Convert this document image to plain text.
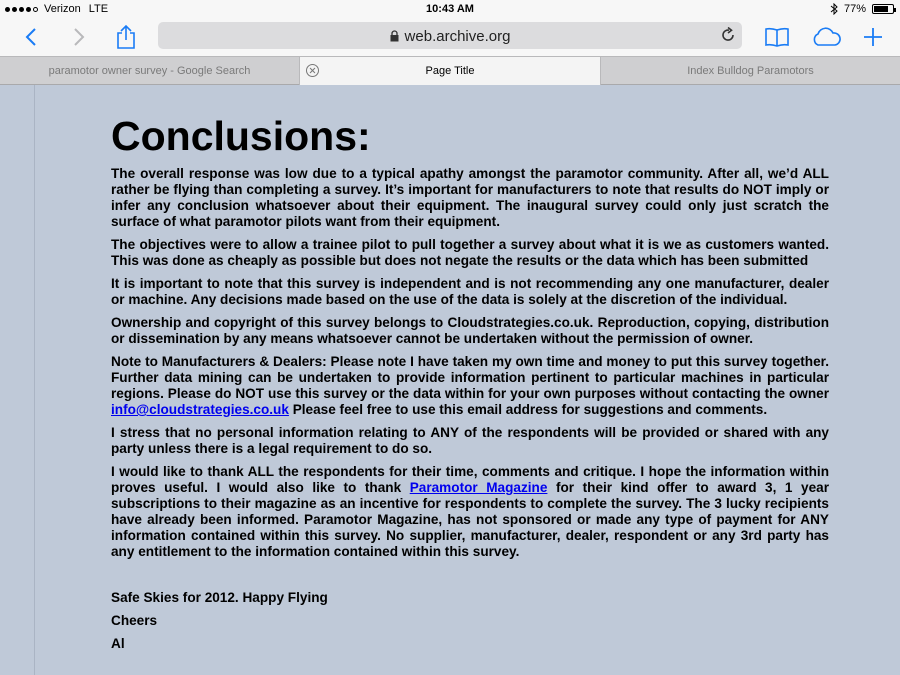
Verizon LTE	10:43 AM	77%
web.archive.org
paramotor owner survey - Google Search	Page Title	Index Bulldog Paramotors
Conclusions:

The overall response was low due to a typical apathy amongst the paramotor community. After all, we’d ALL rather be flying than completing a survey. It’s important for manufacturers to note that results do NOT imply or infer any conclusion whatsoever about their equipment. The inaugural survey could only just scratch the surface of what paramotor pilots want from their equipment.

The objectives were to allow a trainee pilot to pull together a survey about what it is we as customers wanted. This was done as cheaply as possible but does not negate the results or the data which has been submitted

It is important to note that this survey is independent and is not recommending any one manufacturer, dealer or machine. Any decisions made based on the use of the data is solely at the discretion of the individual.

Ownership and copyright of this survey belongs to Cloudstrategies.co.uk. Reproduction, copying, distribution or dissemination by any means whatsoever cannot be undertaken without the permission of owner.

Note to Manufacturers & Dealers: Please note I have taken my own time and money to put this survey together. Further data mining can be undertaken to provide information pertinent to particular machines in particular regions. Please do NOT use this survey or the data within for your own purposes without contacting the owner info@cloudstrategies.co.uk Please feel free to use this email address for suggestions and comments.

I stress that no personal information relating to ANY of the respondents will be provided or shared with any party unless there is a legal requirement to do so.

I would like to thank ALL the respondents for their time, comments and critique. I hope the information within proves useful. I would also like to thank Paramotor Magazine for their kind offer to award 3, 1 year subscriptions to their magazine as an incentive for respondents to complete the survey. The 3 lucky recipients have already been informed. Paramotor Magazine, has not sponsored or made any type of payment for ANY information contained within this survey. No supplier, manufacturer, dealer, respondent or any 3rd party has any entitlement to the information contained within this survey.

Safe Skies for 2012. Happy Flying
Cheers
Al
